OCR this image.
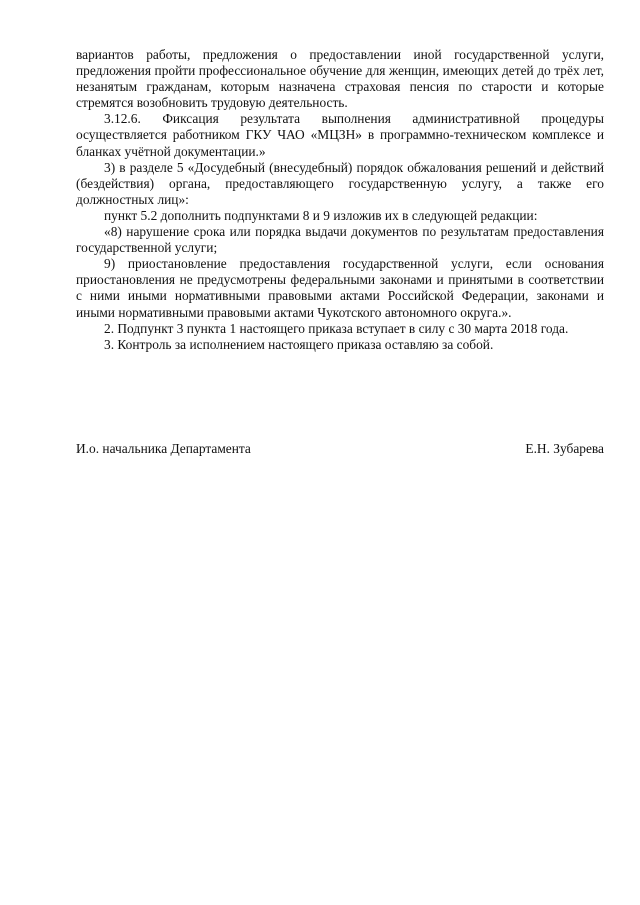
вариантов работы, предложения о предоставлении иной государственной услуги, предложения пройти профессиональное обучение для женщин, имеющих детей до трёх лет, незанятым гражданам, которым назначена страховая пенсия по старости и которые стремятся возобновить трудовую деятельность.

3.12.6. Фиксация результата выполнения административной процедуры осуществляется работником ГКУ ЧАО «МЦЗН» в программно-техническом комплексе и бланках учётной документации.»

3) в разделе 5 «Досудебный (внесудебный) порядок обжалования решений и действий (бездействия) органа, предоставляющего государственную услугу, а также его должностных лиц»:

пункт 5.2 дополнить подпунктами 8 и 9 изложив их в следующей редакции:

«8) нарушение срока или порядка выдачи документов по результатам предоставления государственной услуги;

9) приостановление предоставления государственной услуги, если основания приостановления не предусмотрены федеральными законами и принятыми в соответствии с ними иными нормативными правовыми актами Российской Федерации, законами и иными нормативными правовыми актами Чукотского автономного округа.».

2. Подпункт 3 пункта 1 настоящего приказа вступает в силу с 30 марта 2018 года.

3. Контроль за исполнением настоящего приказа оставляю за собой.

И.о. начальника Департамента	Е.Н. Зубарева
